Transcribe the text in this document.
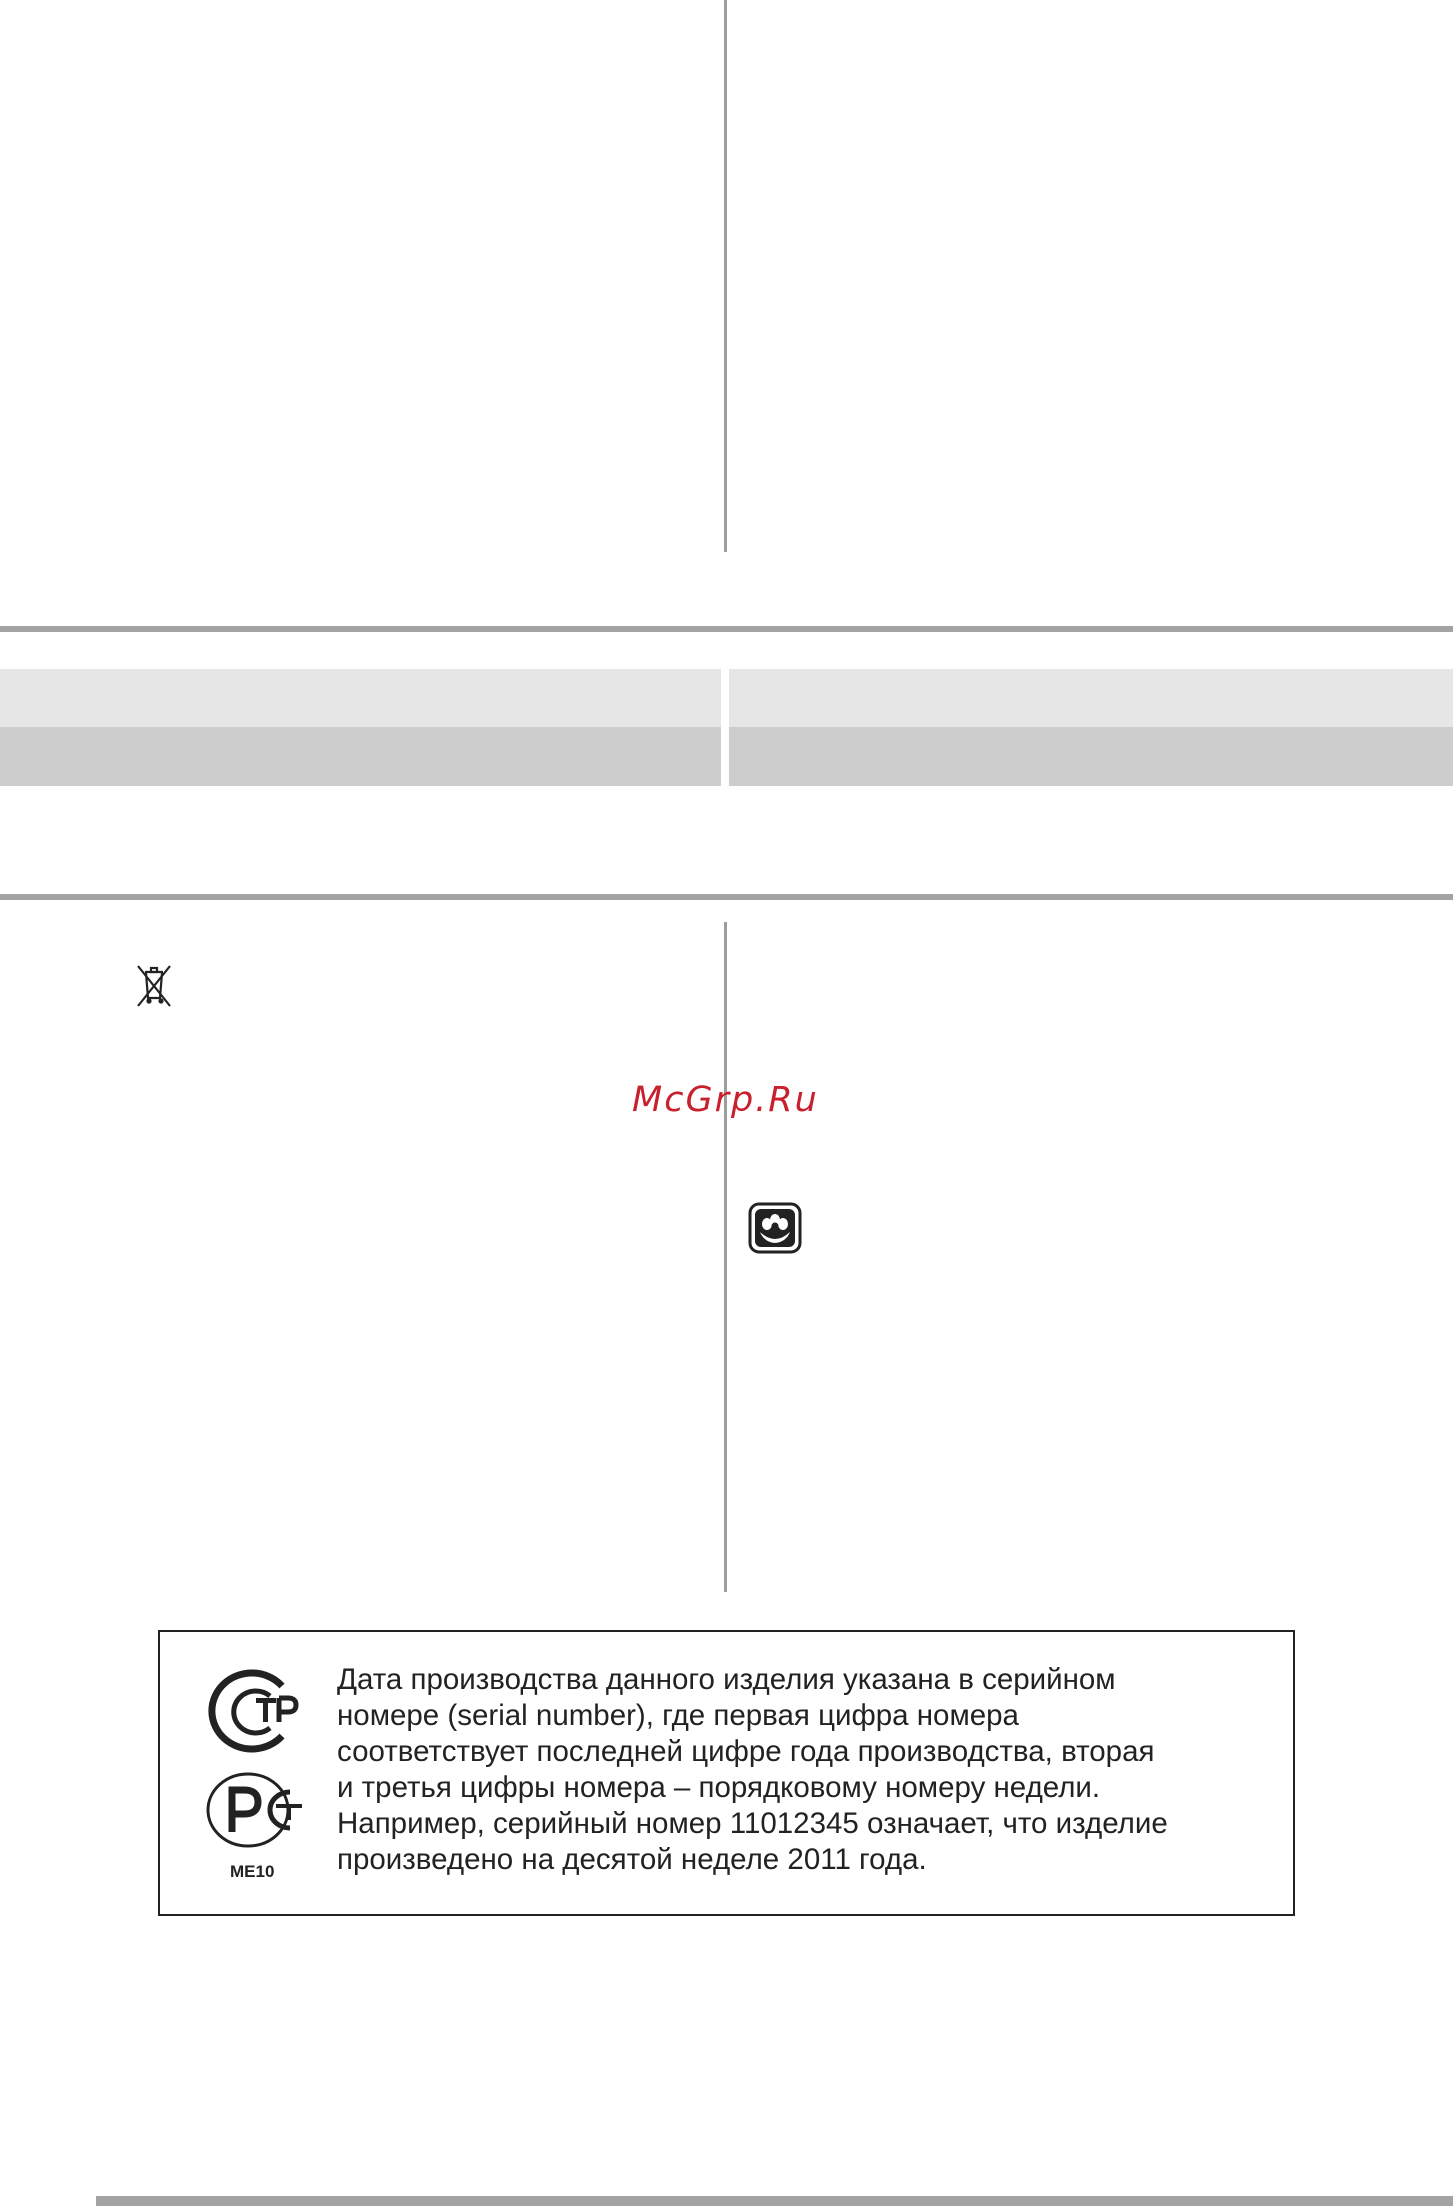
McGrp.Ru
ME10
Дата производства данного изделия указана в серийном
номере (serial number), где первая цифра номера
соответствует последней цифре года производства, вторая
и третья цифры номера – порядковому номеру недели.
Например, серийный номер 11012345 означает, что изделие
произведено на десятой неделе 2011 года.
